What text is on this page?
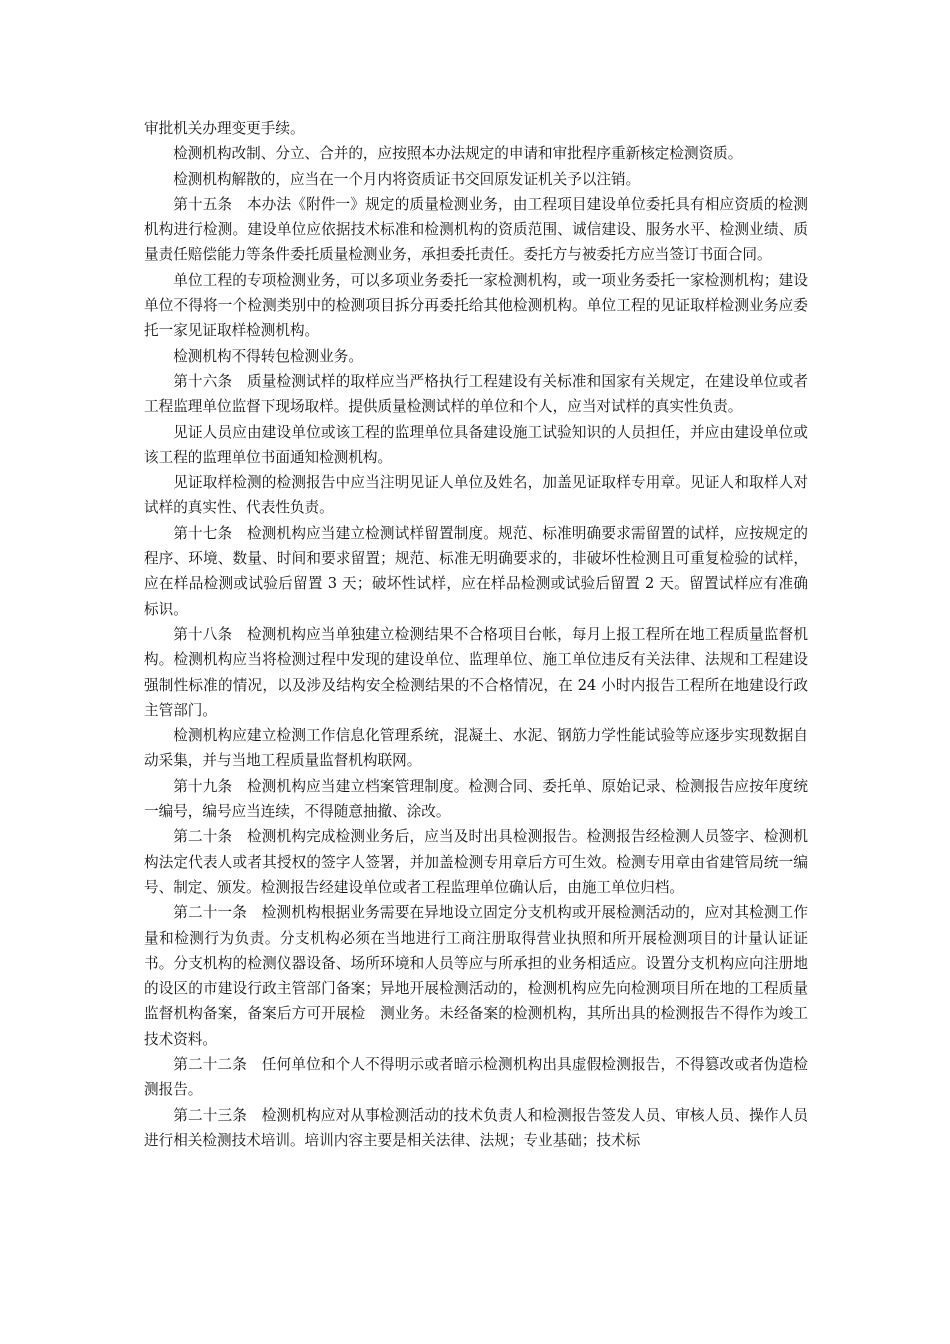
审批机关办理变更手续。

检测机构改制、分立、合并的，应按照本办法规定的申请和审批程序重新核定检测资质。

检测机构解散的，应当在一个月内将资质证书交回原发证机关予以注销。

第十五条　本办法《附件一》规定的质量检测业务，由工程项目建设单位委托具有相应资质的检测机构进行检测。建设单位应依据技术标准和检测机构的资质范围、诚信建设、服务水平、检测业绩、质量责任赔偿能力等条件委托质量检测业务，承担委托责任。委托方与被委托方应当签订书面合同。

单位工程的专项检测业务，可以多项业务委托一家检测机构，或一项业务委托一家检测机构；建设单位不得将一个检测类别中的检测项目拆分再委托给其他检测机构。单位工程的见证取样检测业务应委托一家见证取样检测机构。

检测机构不得转包检测业务。

第十六条　质量检测试样的取样应当严格执行工程建设有关标准和国家有关规定，在建设单位或者工程监理单位监督下现场取样。提供质量检测试样的单位和个人，应当对试样的真实性负责。

见证人员应由建设单位或该工程的监理单位具备建设施工试验知识的人员担任，并应由建设单位或该工程的监理单位书面通知检测机构。

见证取样检测的检测报告中应当注明见证人单位及姓名，加盖见证取样专用章。见证人和取样人对试样的真实性、代表性负责。

第十七条　检测机构应当建立检测试样留置制度。规范、标准明确要求需留置的试样，应按规定的程序、环境、数量、时间和要求留置；规范、标准无明确要求的，非破坏性检测且可重复检验的试样，应在样品检测或试验后留置 3 天；破坏性试样，应在样品检测或试验后留置 2 天。留置试样应有准确标识。

第十八条　检测机构应当单独建立检测结果不合格项目台帐，每月上报工程所在地工程质量监督机构。检测机构应当将检测过程中发现的建设单位、监理单位、施工单位违反有关法律、法规和工程建设强制性标准的情况，以及涉及结构安全检测结果的不合格情况，在 24 小时内报告工程所在地建设行政主管部门。

检测机构应建立检测工作信息化管理系统，混凝土、水泥、钢筋力学性能试验等应逐步实现数据自动采集，并与当地工程质量监督机构联网。

第十九条　检测机构应当建立档案管理制度。检测合同、委托单、原始记录、检测报告应按年度统一编号，编号应当连续，不得随意抽撤、涂改。

第二十条　检测机构完成检测业务后，应当及时出具检测报告。检测报告经检测人员签字、检测机构法定代表人或者其授权的签字人签署，并加盖检测专用章后方可生效。检测专用章由省建管局统一编号、制定、颁发。检测报告经建设单位或者工程监理单位确认后，由施工单位归档。

第二十一条　检测机构根据业务需要在异地设立固定分支机构或开展检测活动的，应对其检测工作量和检测行为负责。分支机构必须在当地进行工商注册取得营业执照和所开展检测项目的计量认证证书。分支机构的检测仪器设备、场所环境和人员等应与所承担的业务相适应。设置分支机构应向注册地的设区的市建设行政主管部门备案；异地开展检测活动的，检测机构应先向检测项目所在地的工程质量监督机构备案，备案后方可开展检　测业务。未经备案的检测机构，其所出具的检测报告不得作为竣工技术资料。

第二十二条　任何单位和个人不得明示或者暗示检测机构出具虚假检测报告，不得篡改或者伪造检测报告。

第二十三条　检测机构应对从事检测活动的技术负责人和检测报告签发人员、审核人员、操作人员进行相关检测技术培训。培训内容主要是相关法律、法规；专业基础；技术标
